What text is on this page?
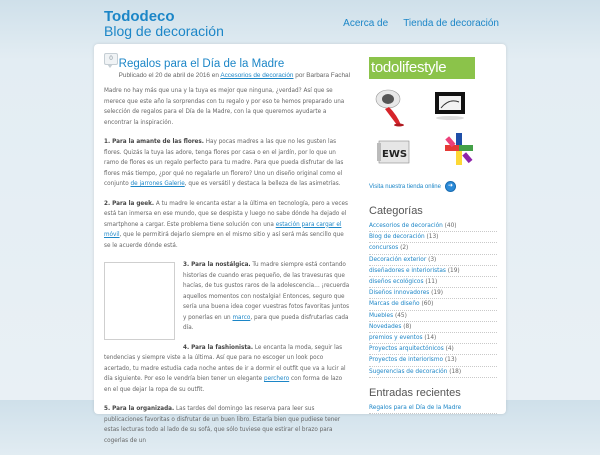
Tododeco
Blog de decoración	Acerca de Tienda de decoración
0 Regalos para el Día de la Madre
Publicado el 20 de abril de 2016 en Accesorios de decoración por Barbara Fachal

Madre no hay más que una y la tuya es mejor que ninguna, ¿verdad? Así que se merece que este año la sorprendas con tu regalo y por eso te hemos preparado una selección de regalos para el Día de la Madre, con la que queremos ayudarte a encontrar la inspiración.

1. Para la amante de las flores. Hay pocas madres a las que no les gusten las flores. Quizás la tuya las adore, tenga flores por casa o en el jardín, por lo que un ramo de flores es un regalo perfecto para tu madre. Para que pueda disfrutar de las flores más tiempo, ¿por qué no regalarle un florero? Uno un diseño original como el conjunto de jarrones Galerie, que es versátil y destaca la belleza de las asimetrías.

2. Para la geek. A tu madre le encanta estar a la última en tecnología, pero a veces está tan inmersa en ese mundo, que se despista y luego no sabe dónde ha dejado el smartphone a cargar. Este problema tiene solución con una estación para cargar el móvil, que le permitirá dejarlo siempre en el mismo sitio y así será más sencillo que se le acuerde dónde está.

3. Para la nostálgica. Tu madre siempre está contando historias de cuando eras pequeño, de las travesuras que hacías, de tus gustos raros de la adolescencia… ¡recuerda aquellos momentos con nostalgia! Entonces, seguro que sería una buena idea coger vuestras fotos favoritas juntos y ponerlas en un marco, para que pueda disfrutarlas cada día.

4. Para la fashionista. Le encanta la moda, seguir las tendencias y siempre viste a la última. Así que para no escoger un look poco acertado, tu madre estudia cada noche antes de ir a dormir el outfit que va a lucir al día siguiente. Por eso le vendría bien tener un elegante perchero con forma de lazo en el que dejar la ropa de su outfit.

5. Para la organizada. Las tardes del domingo las reserva para leer sus publicaciones favoritas o disfrutar de un buen libro. Estaría bien que pudiese tener estas lecturas todo al lado de su sofá, que sólo tuviese que estirar el brazo para cogerlas de un

todolifestyle
EWS
Visita nuestra tienda online	➜
Categorías
Accesorios de decoración (40)
Blog de decoración (13)
concursos (2)
Decoración exterior (3)
diseñadores e interioristas (19)
diseños ecológicos (11)
Diseños innovadores (19)
Marcas de diseño (60)
Muebles (45)
Novedades (8)
premios y eventos (14)
Proyectos arquitectónicos (4)
Proyectos de interiorismo (13)
Sugerencias de decoración (18)
Entradas recientes
Regalos para el Día de la Madre
